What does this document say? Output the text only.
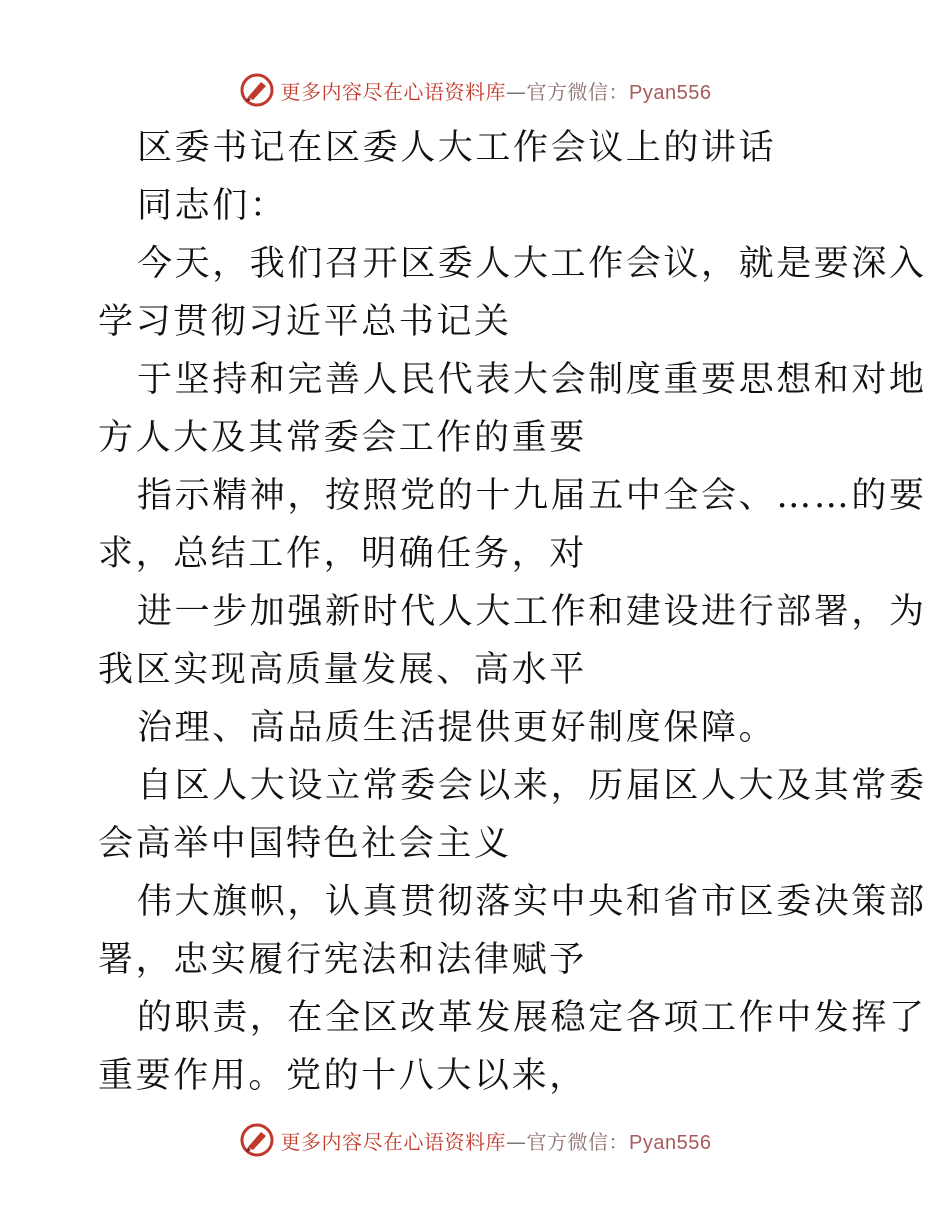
更多内容尽在心语资料库—官方微信：Pyan556
区委书记在区委人大工作会议上的讲话
同志们：
今天，我们召开区委人大工作会议，就是要深入
学习贯彻习近平总书记关
于坚持和完善人民代表大会制度重要思想和对地
方人大及其常委会工作的重要
指示精神，按照党的十九届五中全会、……的要
求，总结工作，明确任务，对
进一步加强新时代人大工作和建设进行部署，为
我区实现高质量发展、高水平
治理、高品质生活提供更好制度保障。
自区人大设立常委会以来，历届区人大及其常委
会高举中国特色社会主义
伟大旗帜，认真贯彻落实中央和省市区委决策部
署，忠实履行宪法和法律赋予
的职责，在全区改革发展稳定各项工作中发挥了
重要作用。党的十八大以来，
更多内容尽在心语资料库—官方微信：Pyan556
